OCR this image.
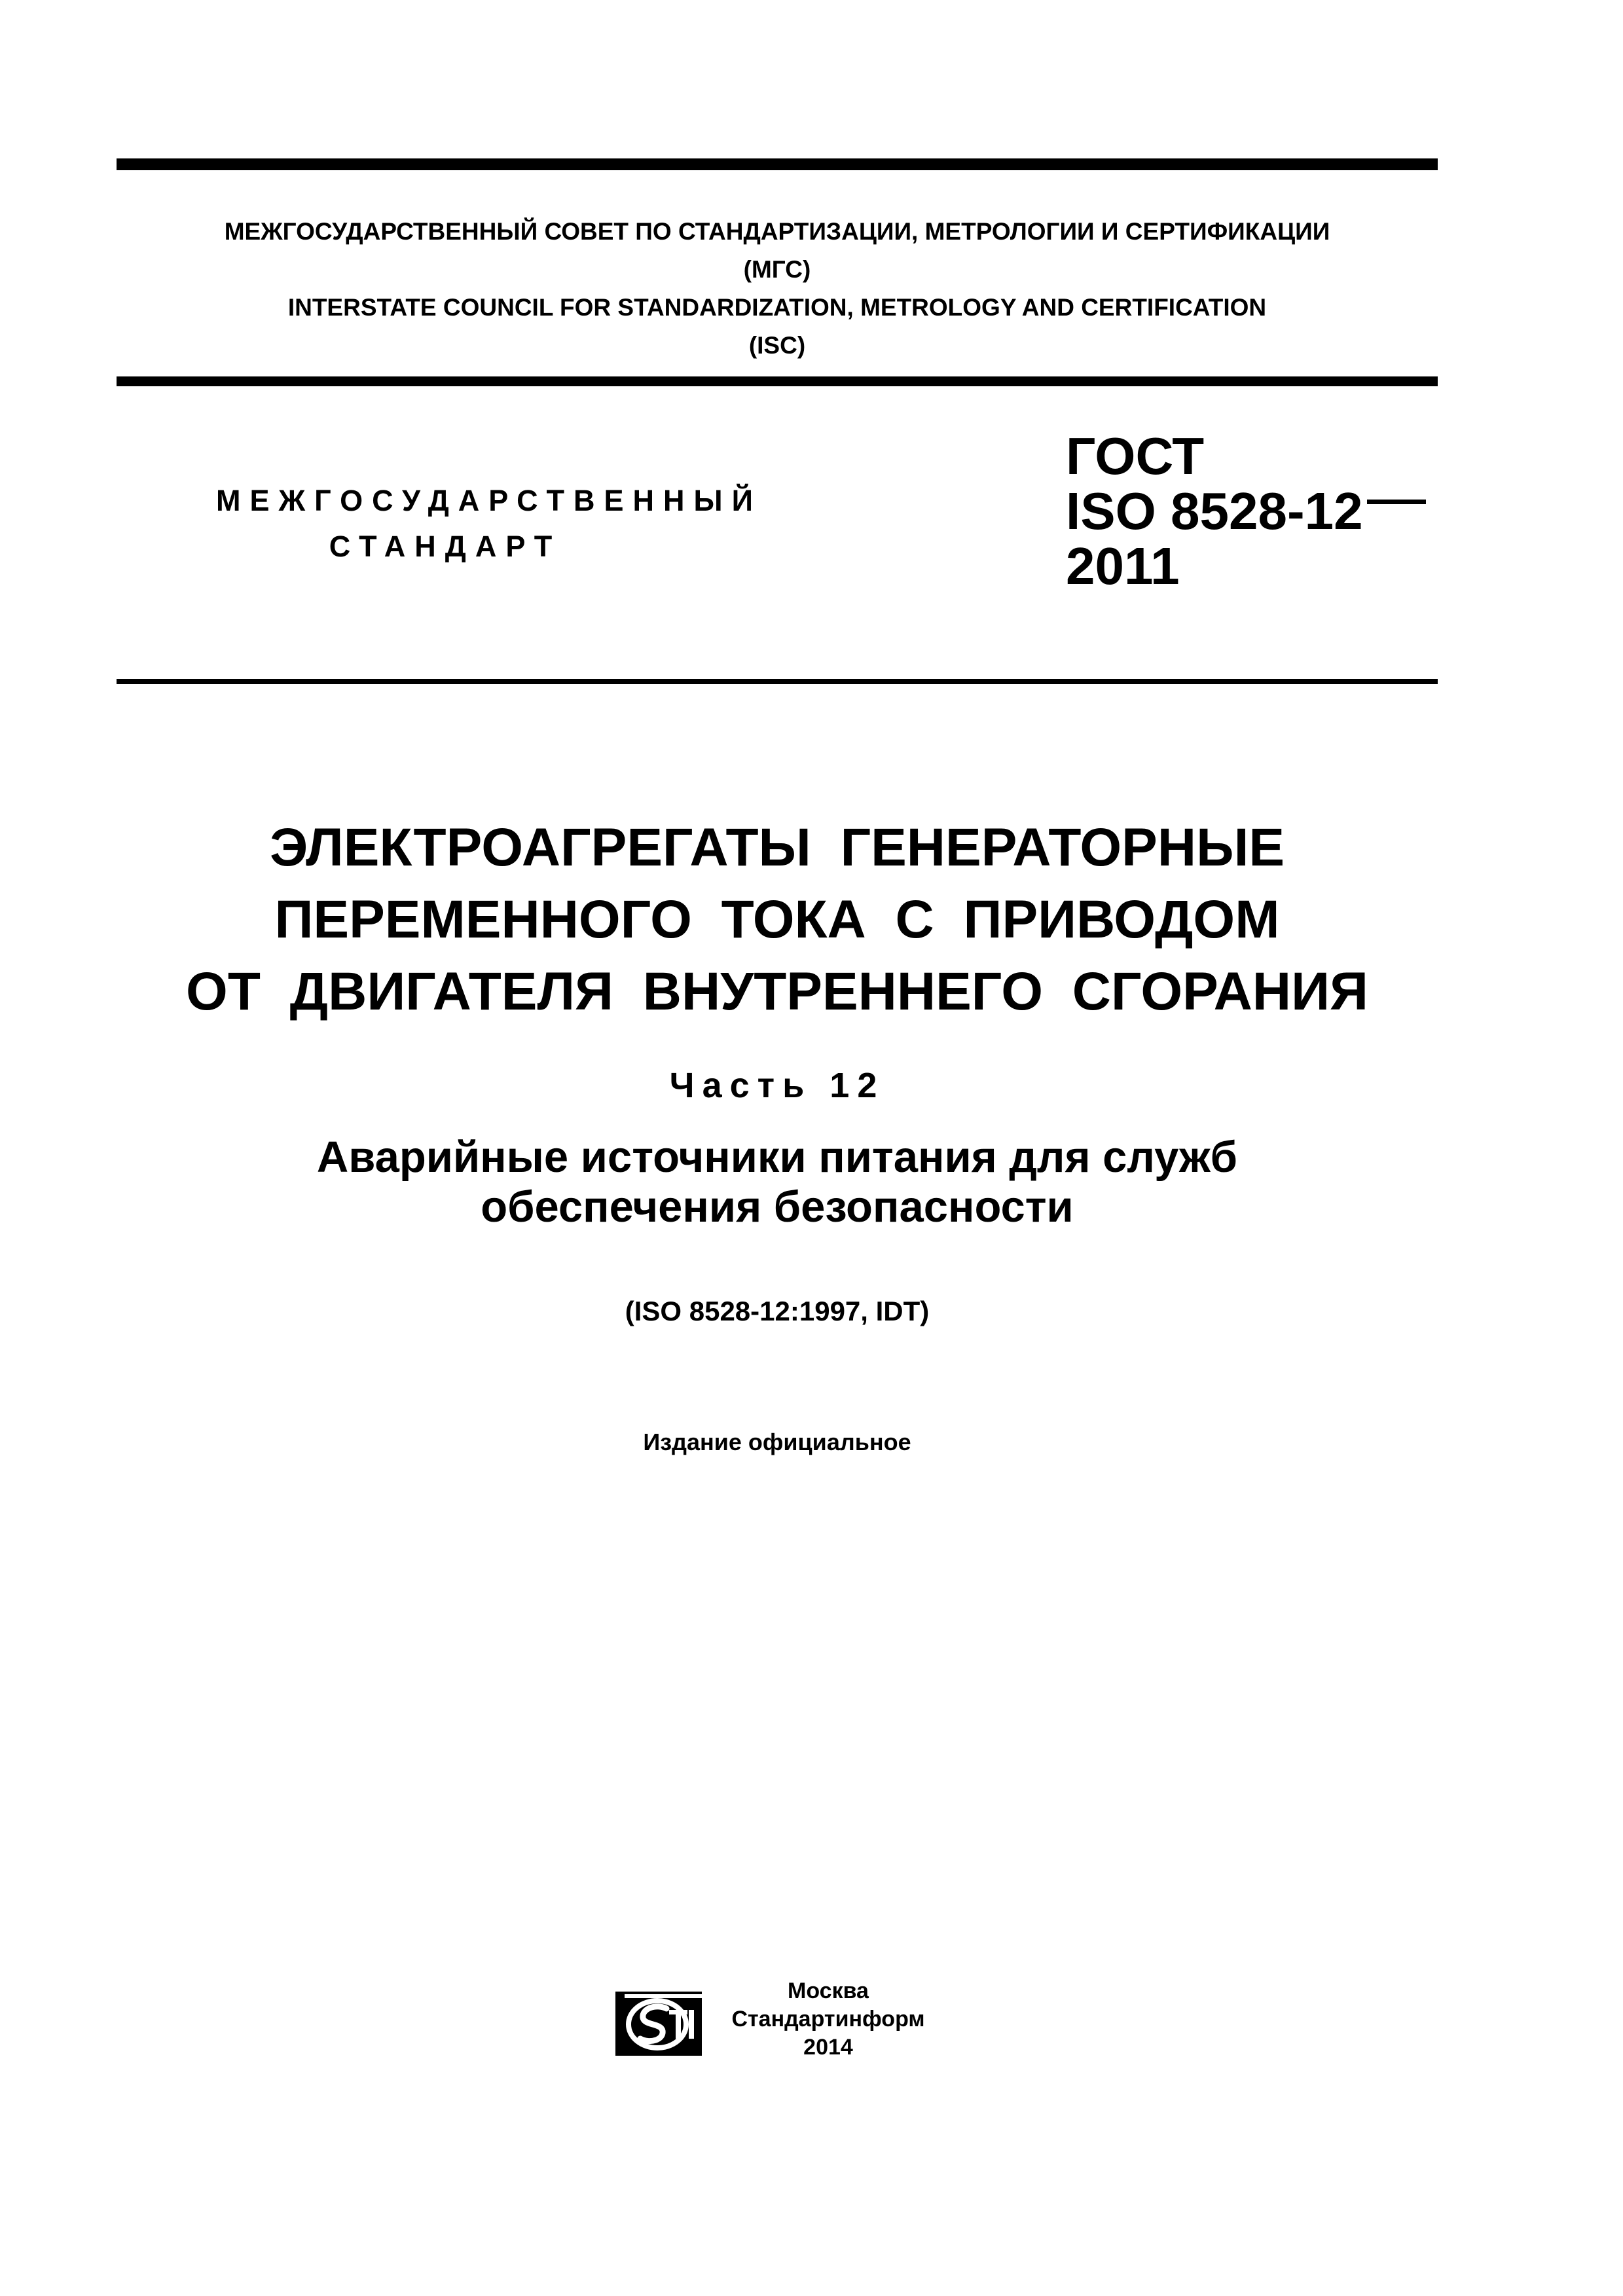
МЕЖГОСУДАРСТВЕННЫЙ СОВЕТ ПО СТАНДАРТИЗАЦИИ, МЕТРОЛОГИИ И СЕРТИФИКАЦИИ
(МГС)
INTERSTATE COUNCIL FOR STANDARDIZATION, METROLOGY AND CERTIFICATION
(ISC)
МЕЖГОСУДАРСТВЕННЫЙ
СТАНДАРТ
ГОСТ
ISO 8528-12
2011
ЭЛЕКТРОАГРЕГАТЫ ГЕНЕРАТОРНЫЕ
ПЕРЕМЕННОГО ТОКА С ПРИВОДОМ
ОТ ДВИГАТЕЛЯ ВНУТРЕННЕГО СГОРАНИЯ
Часть 12
Аварийные источники питания для служб
обеспечения безопасности
(ISO 8528-12:1997, IDT)
Издание официальное
Москва
Стандартинформ
2014
